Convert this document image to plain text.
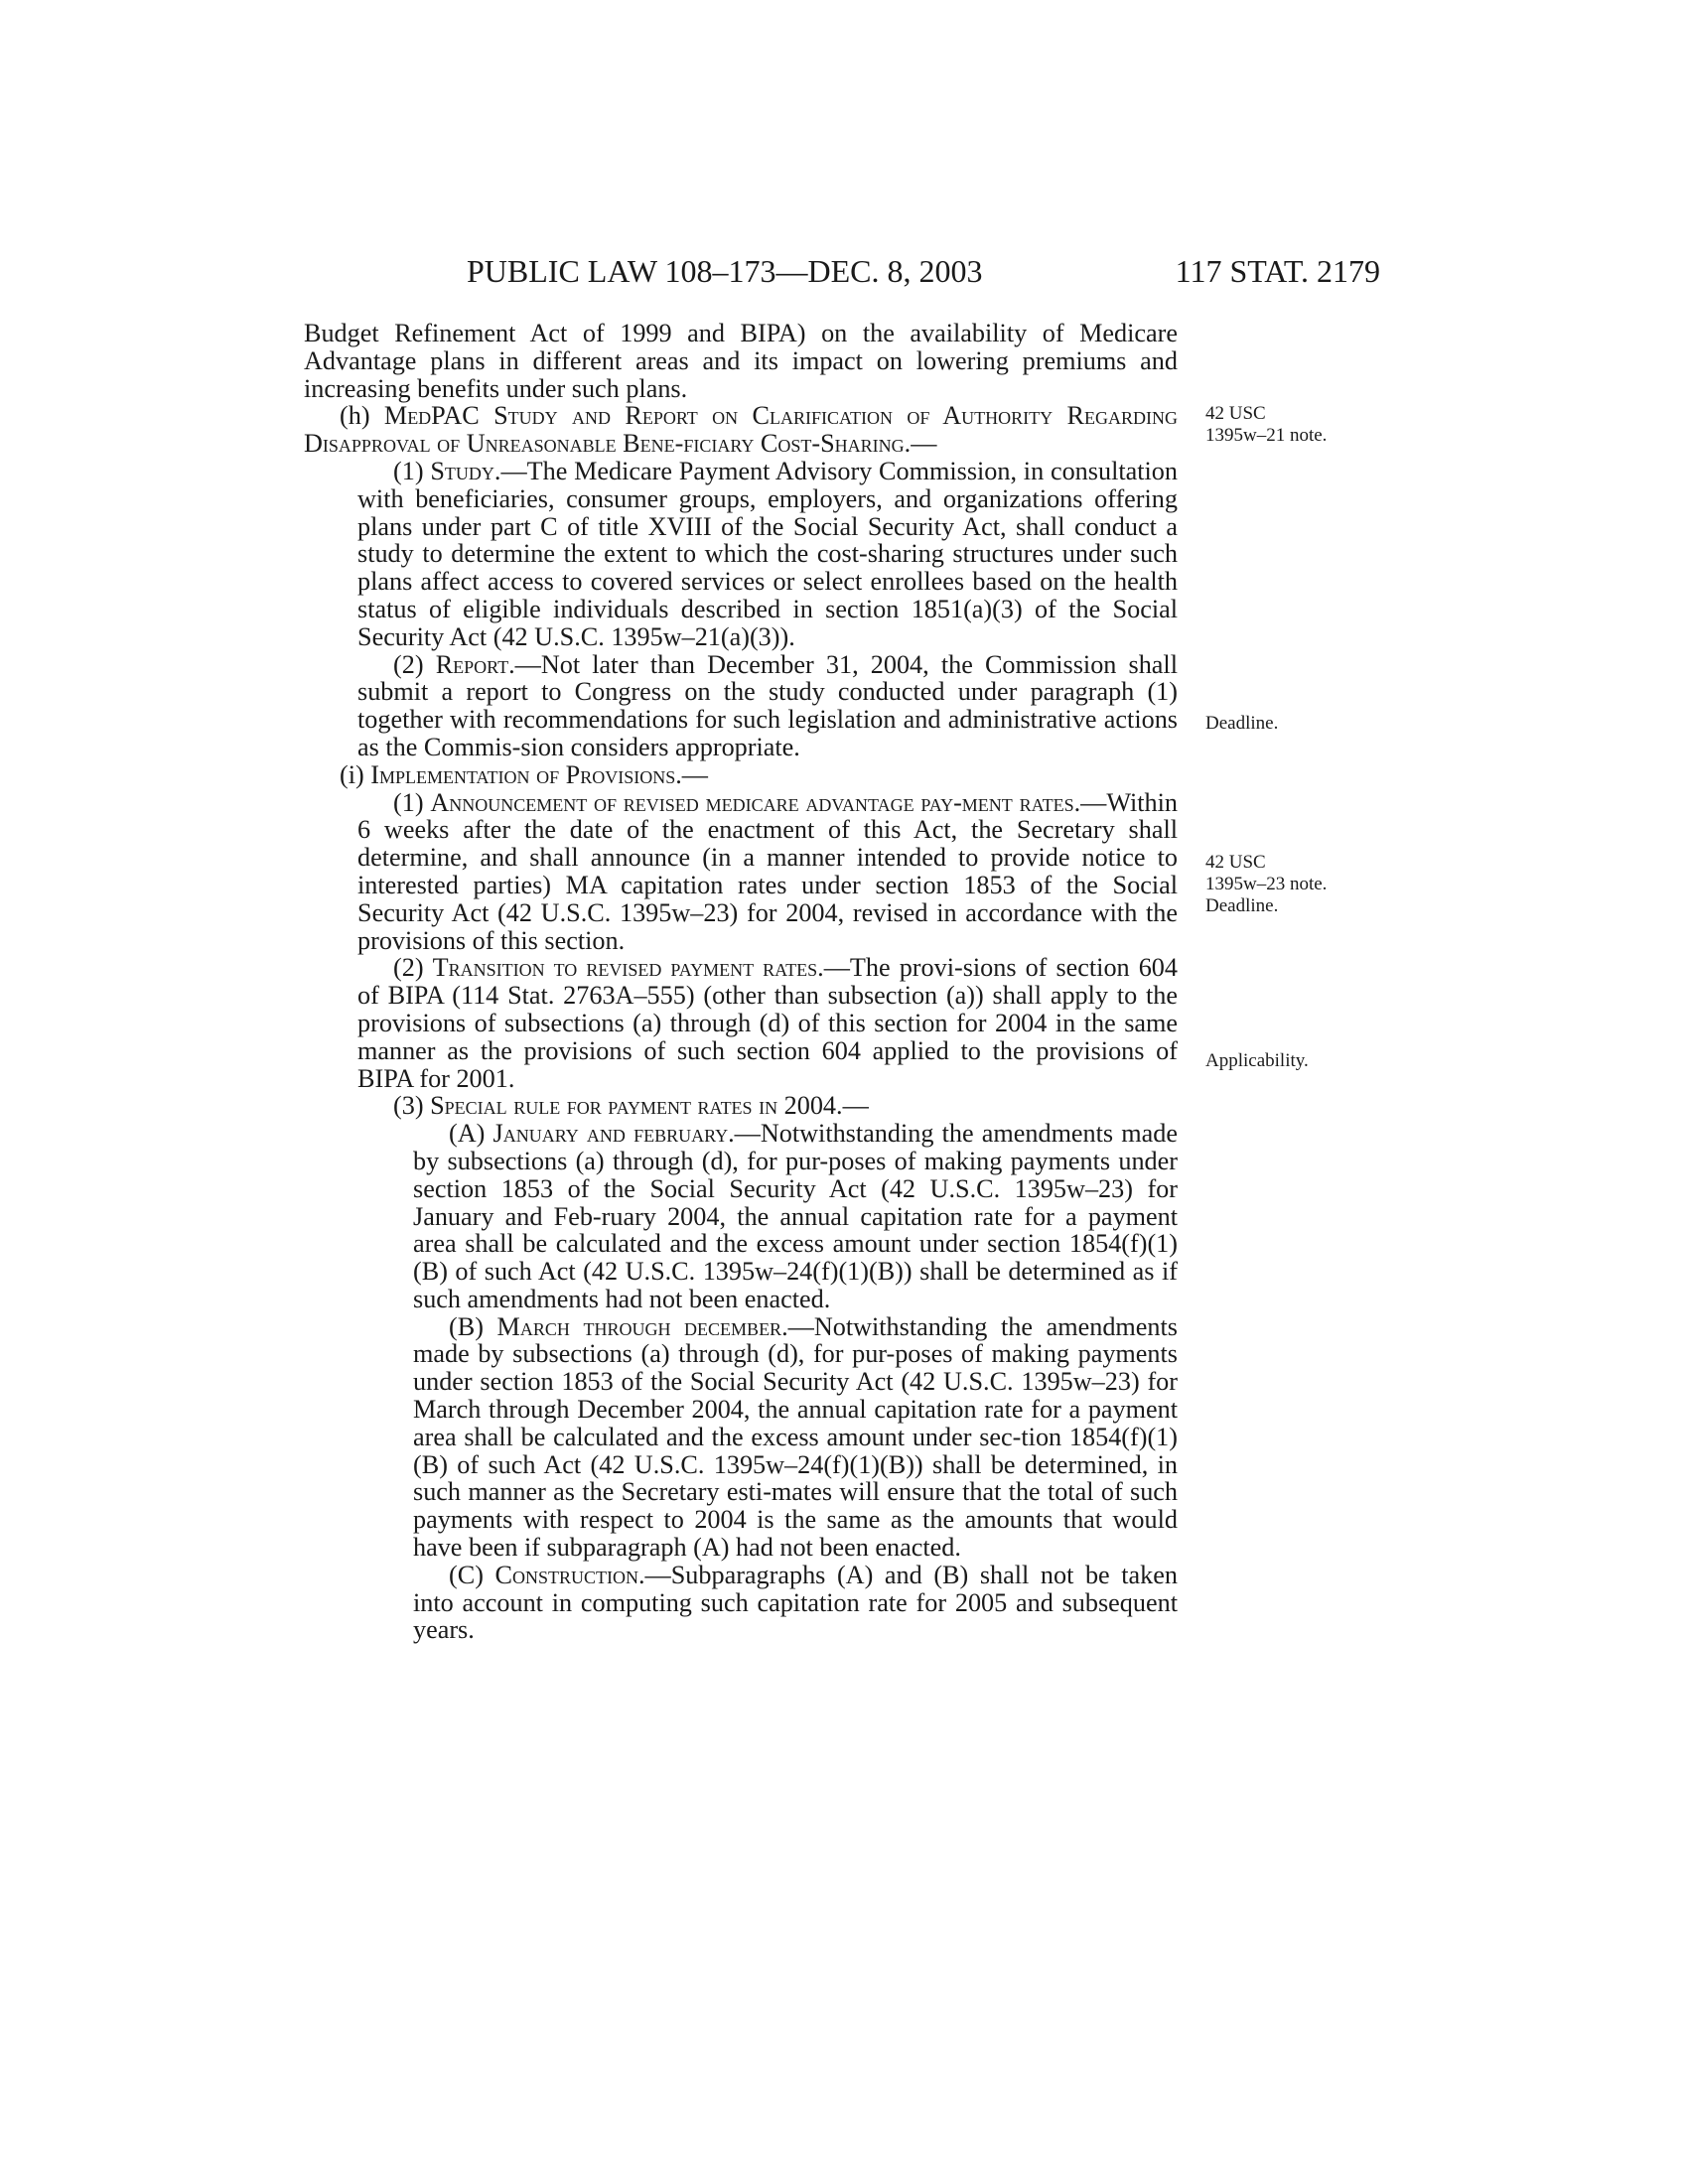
PUBLIC LAW 108–173—DEC. 8, 2003	117 STAT. 2179

Budget Refinement Act of 1999 and BIPA) on the availability of Medicare Advantage plans in different areas and its impact on lowering premiums and increasing benefits under such plans.

(h) MedPAC Study and Report on Clarification of Authority Regarding Disapproval of Unreasonable Bene-ficiary Cost-Sharing.—

(1) Study.—The Medicare Payment Advisory Commission, in consultation with beneficiaries, consumer groups, employers, and organizations offering plans under part C of title XVIII of the Social Security Act, shall conduct a study to determine the extent to which the cost-sharing structures under such plans affect access to covered services or select enrollees based on the health status of eligible individuals described in section 1851(a)(3) of the Social Security Act (42 U.S.C. 1395w–21(a)(3)).

(2) Report.—Not later than December 31, 2004, the Commission shall submit a report to Congress on the study conducted under paragraph (1) together with recommendations for such legislation and administrative actions as the Commis-sion considers appropriate.

(i) Implementation of Provisions.—

(1) Announcement of revised medicare advantage pay-ment rates.—Within 6 weeks after the date of the enactment of this Act, the Secretary shall determine, and shall announce (in a manner intended to provide notice to interested parties) MA capitation rates under section 1853 of the Social Security Act (42 U.S.C. 1395w–23) for 2004, revised in accordance with the provisions of this section.

(2) Transition to revised payment rates.—The provi-sions of section 604 of BIPA (114 Stat. 2763A–555) (other than subsection (a)) shall apply to the provisions of subsections (a) through (d) of this section for 2004 in the same manner as the provisions of such section 604 applied to the provisions of BIPA for 2001.

(3) Special rule for payment rates in 2004.—

(A) January and february.—Notwithstanding the amendments made by subsections (a) through (d), for pur-poses of making payments under section 1853 of the Social Security Act (42 U.S.C. 1395w–23) for January and Feb-ruary 2004, the annual capitation rate for a payment area shall be calculated and the excess amount under section 1854(f)(1)(B) of such Act (42 U.S.C. 1395w–24(f)(1)(B)) shall be determined as if such amendments had not been enacted.

(B) March through december.—Notwithstanding the amendments made by subsections (a) through (d), for pur-poses of making payments under section 1853 of the Social Security Act (42 U.S.C. 1395w–23) for March through December 2004, the annual capitation rate for a payment area shall be calculated and the excess amount under sec-tion 1854(f)(1)(B) of such Act (42 U.S.C. 1395w–24(f)(1)(B)) shall be determined, in such manner as the Secretary esti-mates will ensure that the total of such payments with respect to 2004 is the same as the amounts that would have been if subparagraph (A) had not been enacted.

(C) Construction.—Subparagraphs (A) and (B) shall not be taken into account in computing such capitation rate for 2005 and subsequent years.

42 USC
1395w–21 note.
Deadline.
42 USC
1395w–23 note.
Deadline.
Applicability.
